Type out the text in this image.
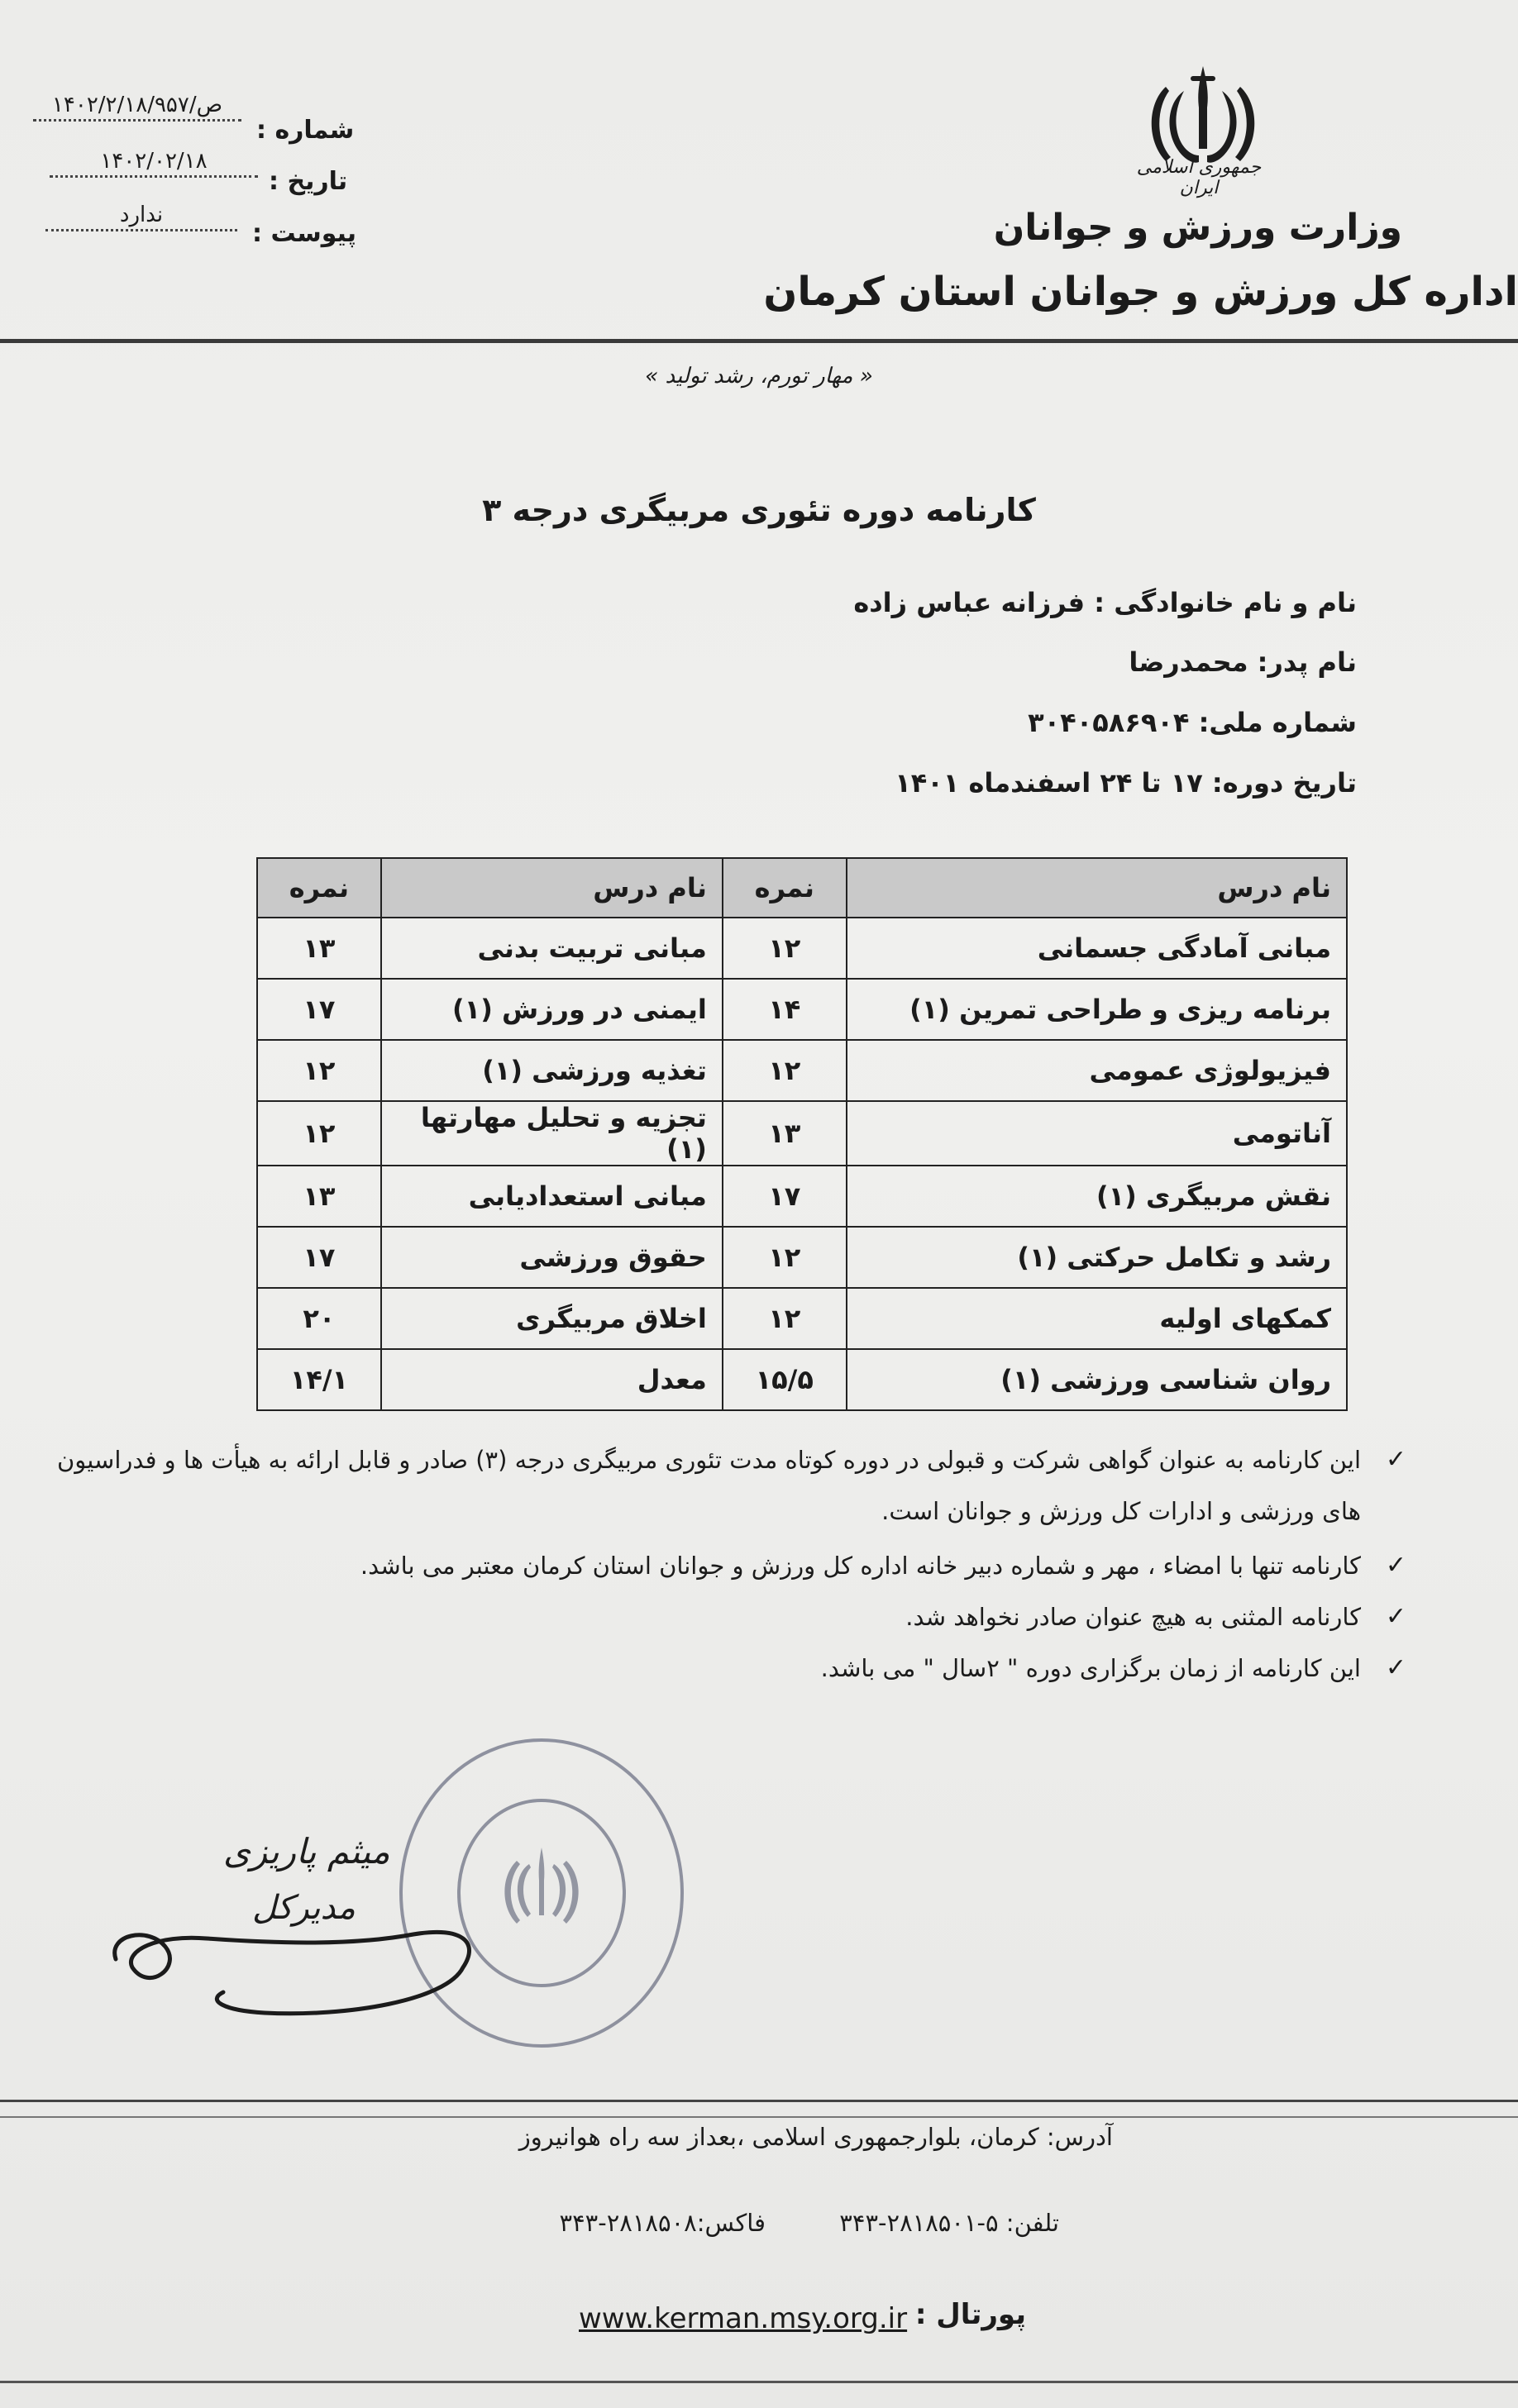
جمهوری اسلامی ایران
وزارت ورزش و جوانان
اداره کل ورزش و جوانان استان کرمان
شماره :
۱۴۰۲/۲/۱۸/ص/۹۵۷
تاریخ :
۱۴۰۲/۰۲/۱۸
پیوست :
ندارد
« مهار تورم، رشد تولید »
کارنامه دوره تئوری مربیگری درجه ۳
نام و نام خانوادگی : فرزانه عباس زاده
نام پدر: محمدرضا
شماره ملی: ۳۰۴۰۵۸۶۹۰۴
تاریخ دوره: ۱۷ تا ۲۴ اسفندماه ۱۴۰۱
نام درس	نمره	نام درس	نمره
مبانی آمادگی جسمانی	۱۲	مبانی تربیت بدنی	۱۳
برنامه ریزی و طراحی تمرین (۱)	۱۴	ایمنی در ورزش (۱)	۱۷
فیزیولوژی عمومی	۱۲	تغذیه ورزشی (۱)	۱۲
آناتومی	۱۳	تجزیه و تحلیل مهارتها (۱)	۱۲
نقش مربیگری (۱)	۱۷	مبانی استعدادیابی	۱۳
رشد و تکامل حرکتی (۱)	۱۲	حقوق ورزشی	۱۷
کمکهای اولیه	۱۲	اخلاق مربیگری	۲۰
روان شناسی ورزشی (۱)	۱۵/۵	معدل	۱۴/۱
✓
این کارنامه به عنوان گواهی شرکت و قبولی در دوره کوتاه مدت تئوری مربیگری درجه (۳) صادر و قابل ارائه به هیأت ها و فدراسیون های ورزشی و ادارات کل ورزش و جوانان است.
✓
کارنامه تنها با امضاء ، مهر و شماره دبیر خانه اداره کل ورزش و جوانان استان کرمان معتبر می باشد.
✓
کارنامه المثنی به هیچ عنوان صادر نخواهد شد.
✓
این کارنامه از زمان برگزاری دوره " ۲سال " می باشد.
میثم پاریزی
مدیرکل
آدرس: کرمان، بلوارجمهوری اسلامی ،بعداز سه راه هوانیروز
تلفن: ۵-۲۸۱۸۵۰۱-۳۴۳
فاکس:۲۸۱۸۵۰۸-۳۴۳
پورتال :
www.kerman.msy.org.ir
